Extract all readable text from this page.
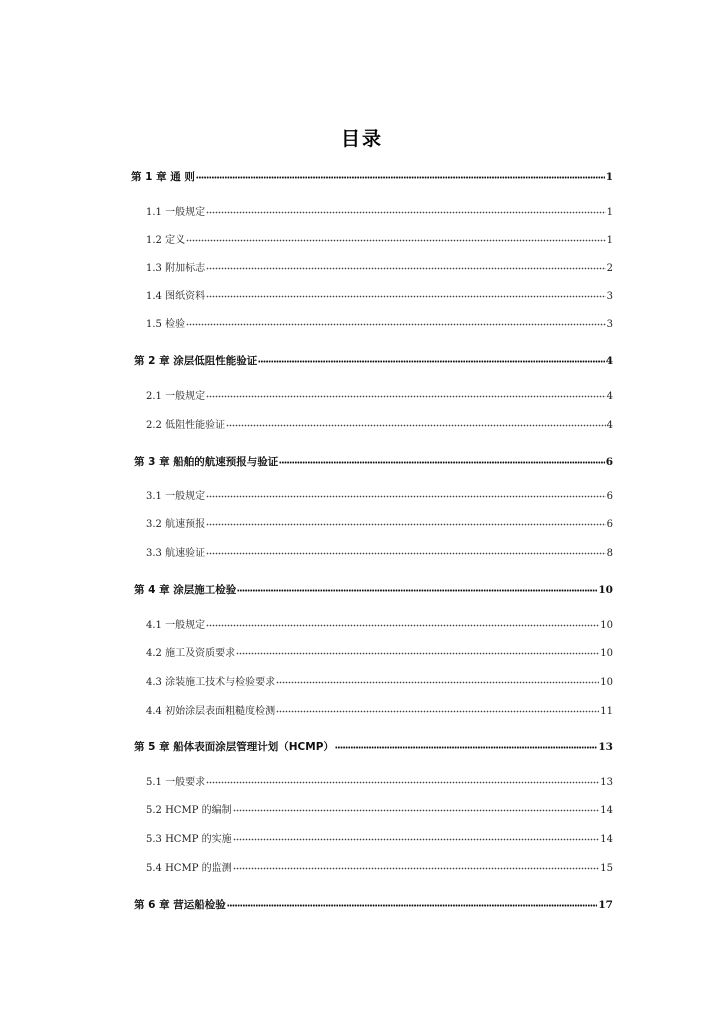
目录
第 1 章 通 则	1
1.1 一般规定	1
1.2 定义	1
1.3 附加标志	2
1.4 图纸资料	3
1.5 检验	3
第 2 章 涂层低阻性能验证	4
2.1 一般规定	4
2.2 低阻性能验证	4
第 3 章 船舶的航速预报与验证	6
3.1 一般规定	6
3.2 航速预报	6
3.3 航速验证	8
第 4 章 涂层施工检验	10
4.1 一般规定	10
4.2 施工及资质要求	10
4.3 涂装施工技术与检验要求	10
4.4 初始涂层表面粗糙度检测	11
第 5 章 船体表面涂层管理计划（HCMP）	13
5.1 一般要求	13
5.2 HCMP 的编制	14
5.3 HCMP 的实施	14
5.4 HCMP 的监测	15
第 6 章 营运船检验	17
